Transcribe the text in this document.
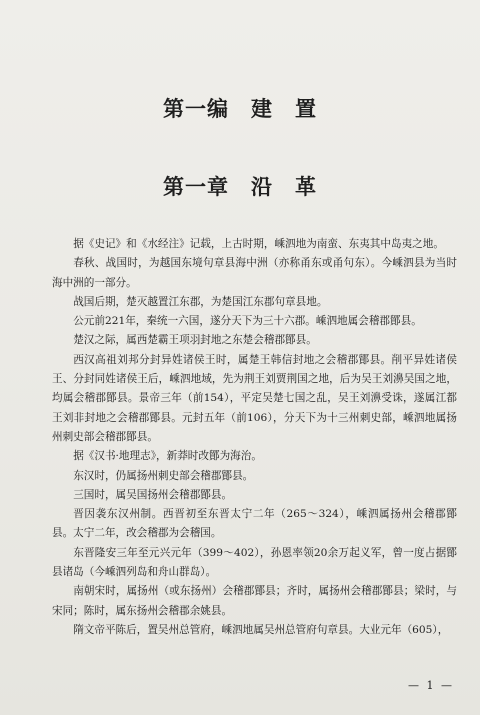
第一编　建　置
第一章　沿　革

据《史记》和《水经注》记载，上古时期，嵊泗地为南蛮、东夷其中岛夷之地。

春秋、战国时，为越国东境句章县海中洲（亦称甬东或甬句东）。今嵊泗县为当时海中洲的一部分。

战国后期，楚灭越置江东郡，为楚国江东郡句章县地。

公元前221年，秦统一六国，遂分天下为三十六郡。嵊泗地属会稽郡鄮县。

楚汉之际，属西楚霸王项羽封地之东楚会稽郡鄮县。

西汉高祖刘邦分封异姓诸侯王时，属楚王韩信封地之会稽郡鄮县。削平异姓诸侯王、分封同姓诸侯王后，嵊泗地域，先为荆王刘贾荆国之地，后为吴王刘濞吴国之地，均属会稽郡鄮县。景帝三年（前154），平定吴楚七国之乱，吴王刘濞受诛，遂属江都王刘非封地之会稽郡鄮县。元封五年（前106），分天下为十三州刺史部，嵊泗地属扬州刺史部会稽郡鄮县。

据《汉书·地理志》，新莽时改鄮为海治。

东汉时，仍属扬州刺史部会稽郡鄮县。

三国时，属吴国扬州会稽郡鄮县。

晋因袭东汉州制。西晋初至东晋太宁二年（265～324），嵊泗属扬州会稽郡鄮县。太宁二年，改会稽郡为会稽国。

东晋隆安三年至元兴元年（399～402），孙恩率领20余万起义军，曾一度占据鄮县诸岛（今嵊泗列岛和舟山群岛）。

南朝宋时，属扬州（或东扬州）会稽郡鄮县；齐时，属扬州会稽郡鄮县；梁时，与宋同；陈时，属东扬州会稽郡余姚县。

隋文帝平陈后，置吴州总管府，嵊泗地属吴州总管府句章县。大业元年（605），

— 1 —
